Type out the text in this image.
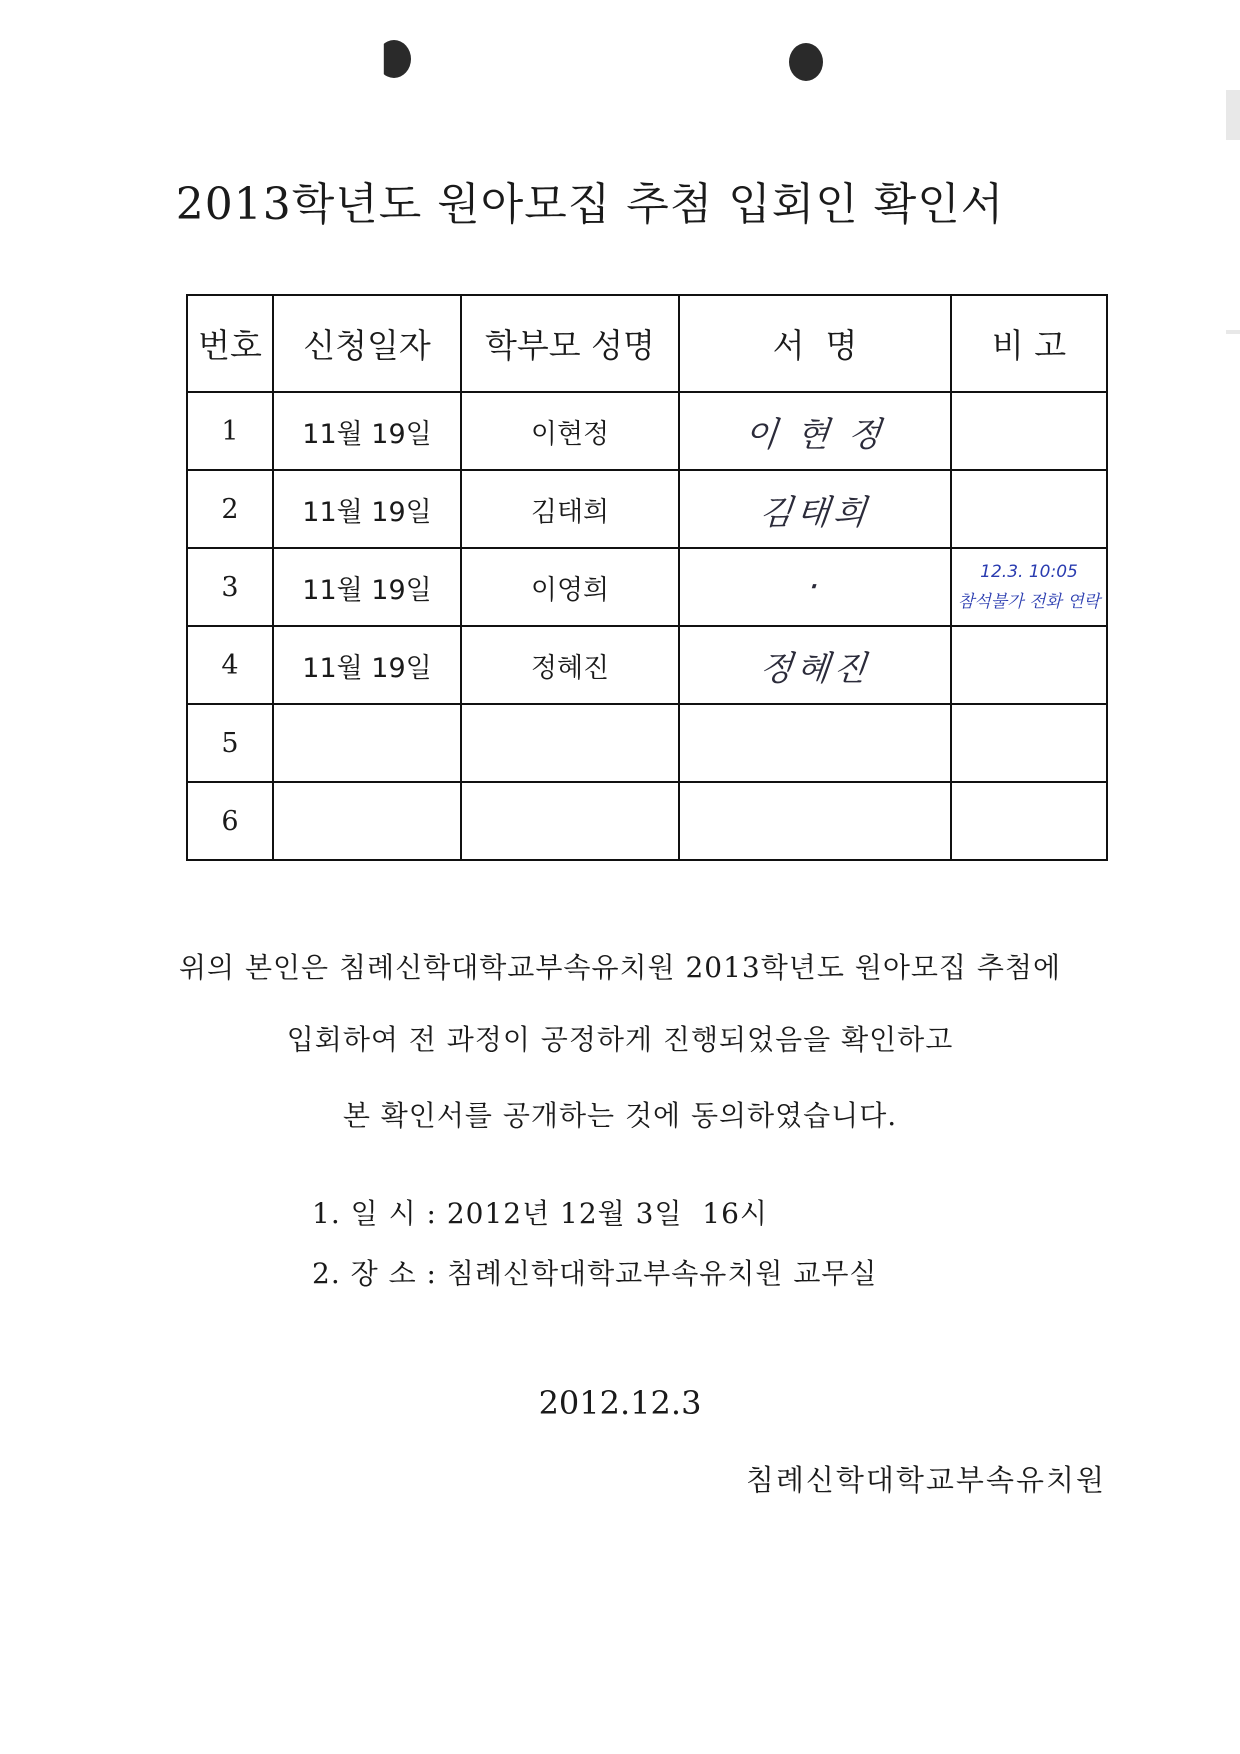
2013학년도 원아모집 추첨 입회인 확인서
번호	신청일자	학부모 성명	서  명	비 고
1	11월 19일	이현정	이 현 정	

2	11월 19일	김태희	김태희	

3	11월 19일	이영희	·	12.3. 10:05
참석불가 전화 연락

4	11월 19일	정혜진	정혜진	

5				

6				
위의 본인은 침례신학대학교부속유치원 2013학년도 원아모집 추첨에
입회하여 전 과정이 공정하게 진행되었음을 확인하고
본 확인서를 공개하는 것에 동의하였습니다.
1. 일 시 : 2012년 12월 3일  16시
2. 장 소 : 침례신학대학교부속유치원 교무실
2012.12.3
침례신학대학교부속유치원
